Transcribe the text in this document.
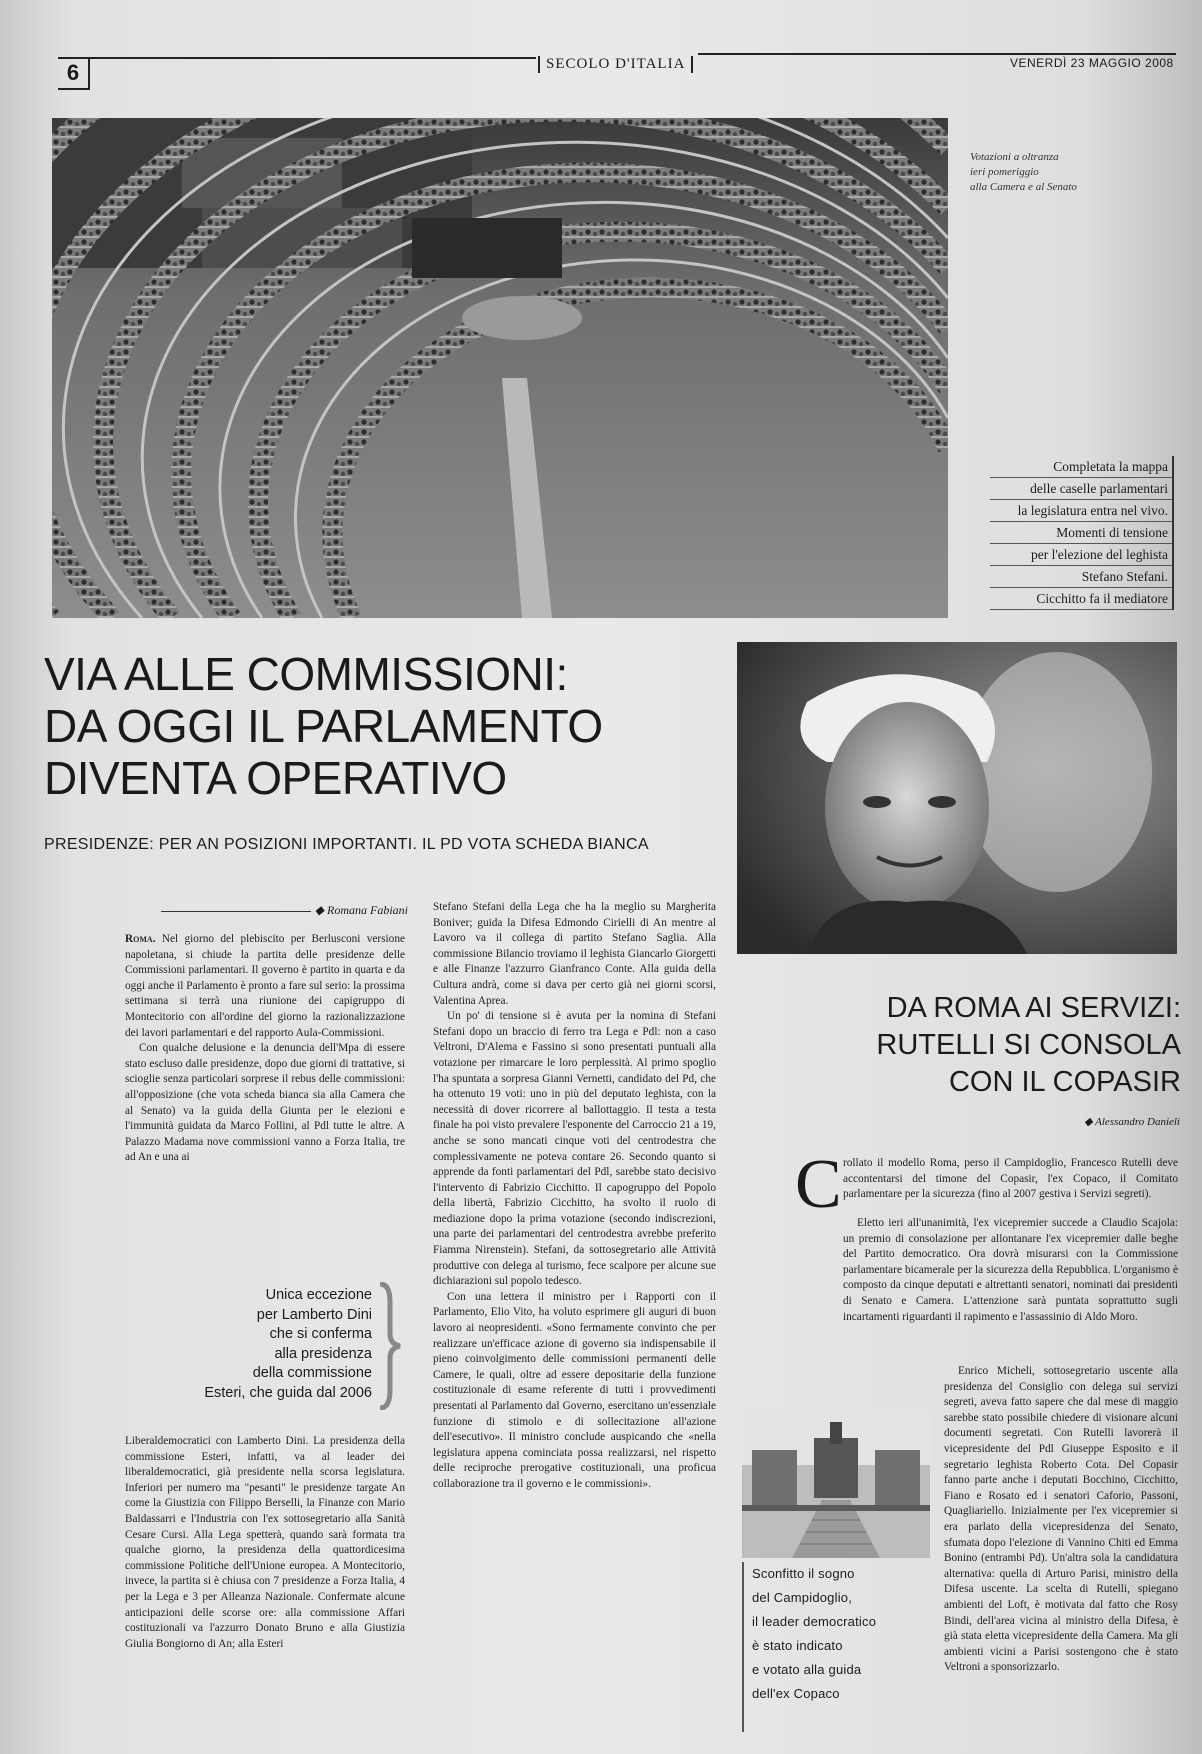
6	SECOLO D'ITALIA	VENERDÌ 23 MAGGIO 2008
Votazioni a oltranza
ieri pomeriggio
alla Camera e al Senato
Completata la mappa
delle caselle parlamentari
la legislatura entra nel vivo.
Momenti di tensione
per l'elezione del leghista
Stefano Stefani.
Cicchitto fa il mediatore
VIA ALLE COMMISSIONI:
DA OGGI IL PARLAMENTO
DIVENTA OPERATIVO
PRESIDENZE: PER AN POSIZIONI IMPORTANTI. IL PD VOTA SCHEDA BIANCA
◆ Romana Fabiani

Roma. Nel giorno del plebiscito per Berlusconi versione napoletana, si chiude la partita delle presidenze delle Commissioni parlamentari. Il governo è partito in quarta e da oggi anche il Parlamento è pronto a fare sul serio: la prossima settimana si terrà una riunione dei capigruppo di Montecitorio con all'ordine del giorno la razionalizzazione dei lavori parlamentari e del rapporto Aula-Commissioni.

Con qualche delusione e la denuncia dell'Mpa di essere stato escluso dalle presidenze, dopo due giorni di trattative, si scioglie senza particolari sorprese il rebus delle commissioni: all'opposizione (che vota scheda bianca sia alla Camera che al Senato) va la guida della Giunta per le elezioni e l'immunità guidata da Marco Follini, al Pdl tutte le altre. A Palazzo Madama nove commissioni vanno a Forza Italia, tre ad An e una ai

Unica eccezione
per Lamberto Dini
che si conferma
alla presidenza
della commissione
Esteri, che guida dal 2006

Liberaldemocratici con Lamberto Dini. La presidenza della commissione Esteri, infatti, va al leader dei liberaldemocratici, già presidente nella scorsa legislatura. Inferiori per numero ma "pesanti" le presidenze targate An come la Giustizia con Filippo Berselli, la Finanze con Mario Baldassarri e l'Industria con l'ex sottosegretario alla Sanità Cesare Cursi. Alla Lega spetterà, quando sarà formata tra qualche giorno, la presidenza della quattordicesima commissione Politiche dell'Unione europea. A Montecitorio, invece, la partita si è chiusa con 7 presidenze a Forza Italia, 4 per la Lega e 3 per Alleanza Nazionale. Confermate alcune anticipazioni delle scorse ore: alla commissione Affari costituzionali va l'azzurro Donato Bruno e alla Giustizia Giulia Bongiorno di An; alla Esteri

Stefano Stefani della Lega che ha la meglio su Margherita Boniver; guida la Difesa Edmondo Cirielli di An mentre al Lavoro va il collega di partito Stefano Saglia. Alla commissione Bilancio troviamo il leghista Giancarlo Giorgetti e alle Finanze l'azzurro Gianfranco Conte. Alla guida della Cultura andrà, come si dava per certo già nei giorni scorsi, Valentina Aprea.

Un po' di tensione si è avuta per la nomina di Stefani Stefani dopo un braccio di ferro tra Lega e Pdl: non a caso Veltroni, D'Alema e Fassino si sono presentati puntuali alla votazione per rimarcare le loro perplessità. Al primo spoglio l'ha spuntata a sorpresa Gianni Vernetti, candidato del Pd, che ha ottenuto 19 voti: uno in più del deputato leghista, con la necessità di dover ricorrere al ballottaggio. Il testa a testa finale ha poi visto prevalere l'esponente del Carroccio 21 a 19, anche se sono mancati cinque voti del centrodestra che complessivamente ne poteva contare 26. Secondo quanto si apprende da fonti parlamentari del Pdl, sarebbe stato decisivo l'intervento di Fabrizio Cicchitto. Il capogruppo del Popolo della libertà, Fabrizio Cicchitto, ha svolto il ruolo di mediazione dopo la prima votazione (secondo indiscrezioni, una parte dei parlamentari del centrodestra avrebbe preferito Fiamma Nirenstein). Stefani, da sottosegretario alle Attività produttive con delega al turismo, fece scalpore per alcune sue dichiarazioni sul popolo tedesco.

Con una lettera il ministro per i Rapporti con il Parlamento, Elio Vito, ha voluto esprimere gli auguri di buon lavoro ai neopresidenti. «Sono fermamente convinto che per realizzare un'efficace azione di governo sia indispensabile il pieno coinvolgimento delle commissioni permanenti delle Camere, le quali, oltre ad essere depositarie della funzione costituzionale di esame referente di tutti i provvedimenti presentati al Parlamento dal Governo, esercitano un'essenziale funzione di stimolo e di sollecitazione all'azione dell'esecutivo». Il ministro conclude auspicando che «nella legislatura appena cominciata possa realizzarsi, nel rispetto delle reciproche prerogative costituzionali, una proficua collaborazione tra il governo e le commissioni».

DA ROMA AI SERVIZI:
RUTELLI SI CONSOLA
CON IL COPASIR
◆ Alessandro Danieli
C rollato il modello Roma, perso il Campidoglio, Francesco Rutelli deve accontentarsi del timone del Copasir, l'ex Copaco, il Comitato parlamentare per la sicurezza (fino al 2007 gestiva i Servizi segreti).

Eletto ieri all'unanimità, l'ex vicepremier succede a Claudio Scajola: un premio di consolazione per allontanare l'ex vicepremier dalle beghe del Partito democratico. Ora dovrà misurarsi con la Commissione parlamentare bicamerale per la sicurezza della Repubblica. L'organismo è composto da cinque deputati e altrettanti senatori, nominati dai presidenti di Senato e Camera. L'attenzione sarà puntata soprattutto sugli incartamenti riguardanti il rapimento e l'assassinio di Aldo Moro.

Enrico Micheli, sottosegretario uscente alla presidenza del Consiglio con delega sui servizi segreti, aveva fatto sapere che dal mese di maggio sarebbe stato possibile chiedere di visionare alcuni documenti segretati. Con Rutelli lavorerà il vicepresidente del Pdl Giuseppe Esposito e il segretario leghista Roberto Cota. Del Copasir fanno parte anche i deputati Bocchino, Cicchitto, Fiano e Rosato ed i senatori Caforio, Passoni, Quagliariello. Inizialmente per l'ex vicepremier si era parlato della vicepresidenza del Senato, sfumata dopo l'elezione di Vannino Chiti ed Emma Bonino (entrambi Pd). Un'altra sola la candidatura alternativa: quella di Arturo Parisi, ministro della Difesa uscente. La scelta di Rutelli, spiegano ambienti del Loft, è motivata dal fatto che Rosy Bindi, dell'area vicina al ministro della Difesa, è già stata eletta vicepresidente della Camera. Ma gli ambienti vicini a Parisi sostengono che è stato Veltroni a sponsorizzarlo.

Sconfitto il sogno
del Campidoglio,
il leader democratico
è stato indicato
e votato alla guida
dell'ex Copaco
